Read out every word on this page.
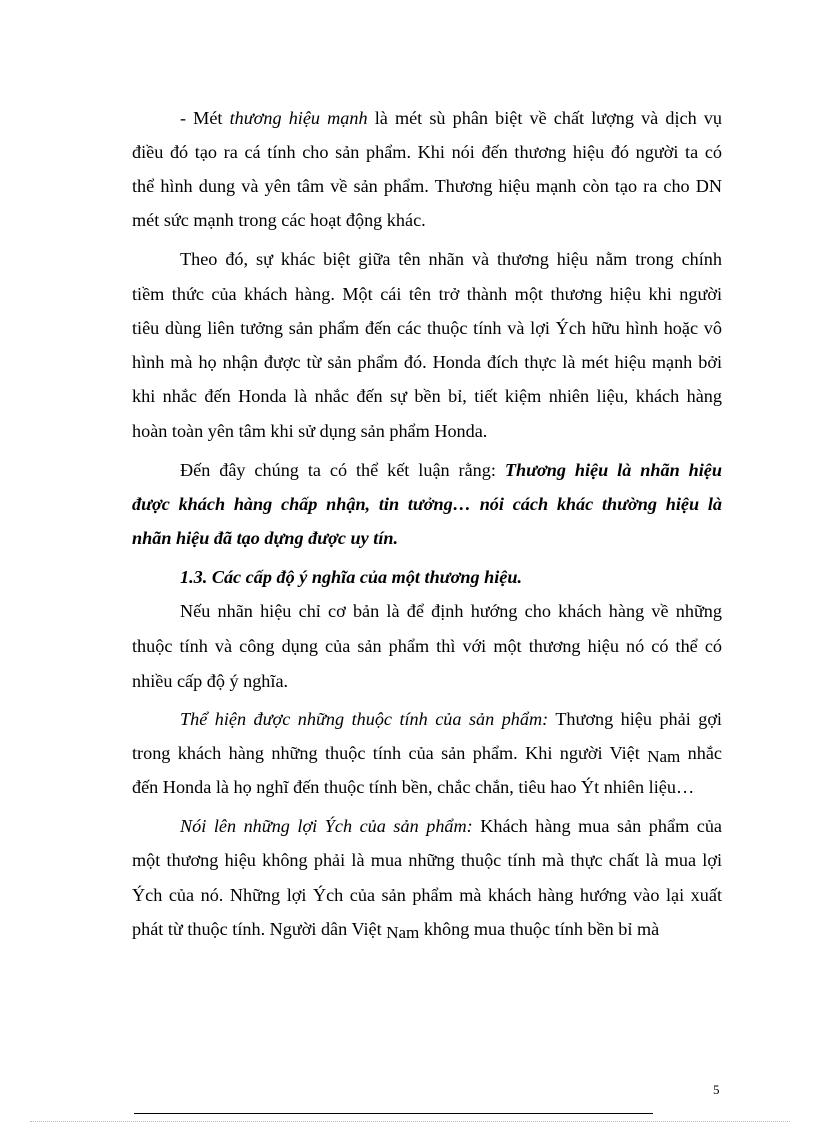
- Mét thương hiệu mạnh là mét sù phân biệt về chất lượng và dịch vụ
điều đó tạo ra cá tính cho sản phẩm. Khi nói đến thương hiệu đó người ta có
thể hình dung và yên tâm về sản phẩm. Thương hiệu mạnh còn tạo ra cho DN
mét sức mạnh trong các hoạt động khác.
Theo đó, sự khác biệt giữa tên nhãn và thương hiệu nằm trong chính
tiềm thức của khách hàng. Một cái tên trở thành một thương hiệu khi người
tiêu dùng liên tưởng sản phẩm đến các thuộc tính và lợi Ých hữu hình hoặc vô
hình mà họ nhận được từ sản phẩm đó. Honda đích thực là mét hiệu mạnh bởi
khi nhắc đến Honda là nhắc đến sự bền bỉ, tiết kiệm nhiên liệu, khách hàng
hoàn toàn yên tâm khi sử dụng sản phẩm Honda.
Đến đây chúng ta có thể kết luận rằng: Thương hiệu là nhãn hiệu
được khách hàng chấp nhận, tin tưởng… nói cách khác thường hiệu là
nhãn hiệu đã tạo dựng được uy tín.
1.3. Các cấp độ ý nghĩa của một thương hiệu.
Nếu nhãn hiệu chỉ cơ bản là để định hướng cho khách hàng về những
thuộc tính và công dụng của sản phẩm thì với một thương hiệu nó có thể có
nhiều cấp độ ý nghĩa.
Thể hiện được những thuộc tính của sản phẩm: Thương hiệu phải gợi
trong khách hàng những thuộc tính của sản phẩm. Khi người Việt Nam nhắc
đến Honda là họ nghĩ đến thuộc tính bền, chắc chắn, tiêu hao Ýt nhiên liệu…
Nói lên những lợi Ých của sản phẩm: Khách hàng mua sản phẩm của
một thương hiệu không phải là mua những thuộc tính mà thực chất là mua lợi
Ých của nó. Những lợi Ých của sản phẩm mà khách hàng hướng vào lại xuất
phát từ thuộc tính. Người dân Việt Nam không mua thuộc tính bền bỉ mà
5
